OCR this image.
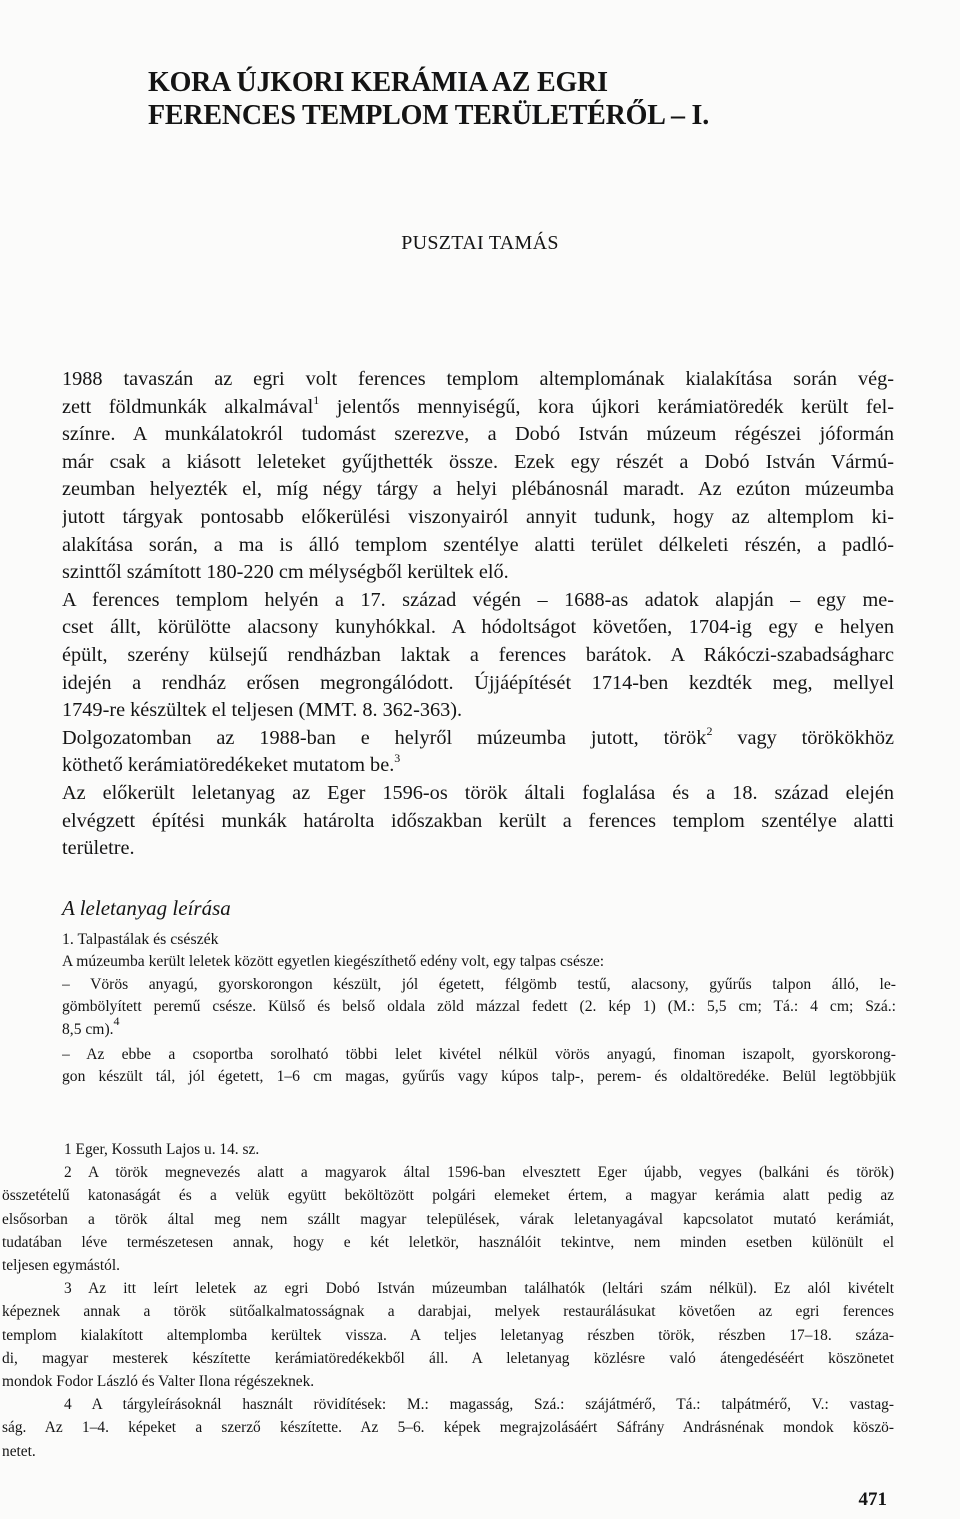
KORA ÚJKORI KERÁMIA AZ EGRI
FERENCES TEMPLOM TERÜLETÉRŐL – I.
PUSZTAI TAMÁS
1988 tavaszán az egri volt ferences templom altemplomának kialakítása során vég-
zett földmunkák alkalmával$^1$ jelentős mennyiségű, kora újkori kerámiatöredék került fel-
színre. A munkálatokról tudomást szerezve, a Dobó István múzeum régészei jóformán
már csak a kiásott leleteket gyűjthették össze. Ezek egy részét a Dobó István Vármú-
zeumban helyezték el, míg négy tárgy a helyi plébánosnál maradt. Az ezúton múzeumba
jutott tárgyak pontosabb előkerülési viszonyairól annyit tudunk, hogy az altemplom ki-
alakítása során, a ma is álló templom szentélye alatti terület délkeleti részén, a padló-
szinttől számított 180-220 cm mélységből kerültek elő.
A ferences templom helyén a 17. század végén – 1688-as adatok alapján – egy me-
cset állt, körülötte alacsony kunyhókkal. A hódoltságot követően, 1704-ig egy e helyen
épült, szerény külsejű rendházban laktak a ferences barátok. A Rákóczi-szabadságharc
idején a rendház erősen megrongálódott. Újjáépítését 1714-ben kezdték meg, mellyel
1749-re készültek el teljesen (MMT. 8. 362-363).
Dolgozatomban az 1988-ban e helyről múzeumba jutott, török$^2$ vagy törökökhöz
köthető kerámiatöredékeket mutatom be.$^3$
Az előkerült leletanyag az Eger 1596-os török általi foglalása és a 18. század elején
elvégzett építési munkák határolta időszakban került a ferences templom szentélye alatti
területre.
A leletanyag leírása
1. Talpastálak és csészék
A múzeumba került leletek között egyetlen kiegészíthető edény volt, egy talpas csésze:
– Vörös anyagú, gyorskorongon készült, jól égetett, félgömb testű, alacsony, gyűrűs talpon álló, le-
gömbölyített peremű csésze. Külső és belső oldala zöld mázzal fedett (2. kép 1) (M.: 5,5 cm; Tá.: 4 cm; Szá.:
8,5 cm).$^4$
– Az ebbe a csoportba sorolható többi lelet kivétel nélkül vörös anyagú, finoman iszapolt, gyorskorong-
gon készült tál, jól égetett, 1–6 cm magas, gyűrűs vagy kúpos talp-, perem- és oldaltöredéke. Belül legtöbbjük
1 Eger, Kossuth Lajos u. 14. sz.
2 A török megnevezés alatt a magyarok által 1596-ban elvesztett Eger újabb, vegyes (balkáni és török)
összetételű katonaságát és a velük együtt beköltözött polgári elemeket értem, a magyar kerámia alatt pedig az
elsősorban a török által meg nem szállt magyar települések, várak leletanyagával kapcsolatot mutató kerámiát,
tudatában léve természetesen annak, hogy e két leletkör, használóit tekintve, nem minden esetben különült el
teljesen egymástól.
3 Az itt leírt leletek az egri Dobó István múzeumban találhatók (leltári szám nélkül). Ez alól kivételt
képeznek annak a török sütőalkalmatosságnak a darabjai, melyek restaurálásukat követően az egri ferences
templom kialakított altemplomba kerültek vissza. A teljes leletanyag részben török, részben 17–18. száza-
di, magyar mesterek készítette kerámiatöredékekből áll. A leletanyag közlésre való átengedéséért köszönetet
mondok Fodor László és Valter Ilona régészeknek.
4 A tárgyleírásoknál használt rövidítések: M.: magasság, Szá.: szájátmérő, Tá.: talpátmérő, V.: vastag-
ság. Az 1–4. képeket a szerző készítette. Az 5–6. képek megrajzolásáért Sáfrány Andrásnénak mondok köszö-
netet.
471
